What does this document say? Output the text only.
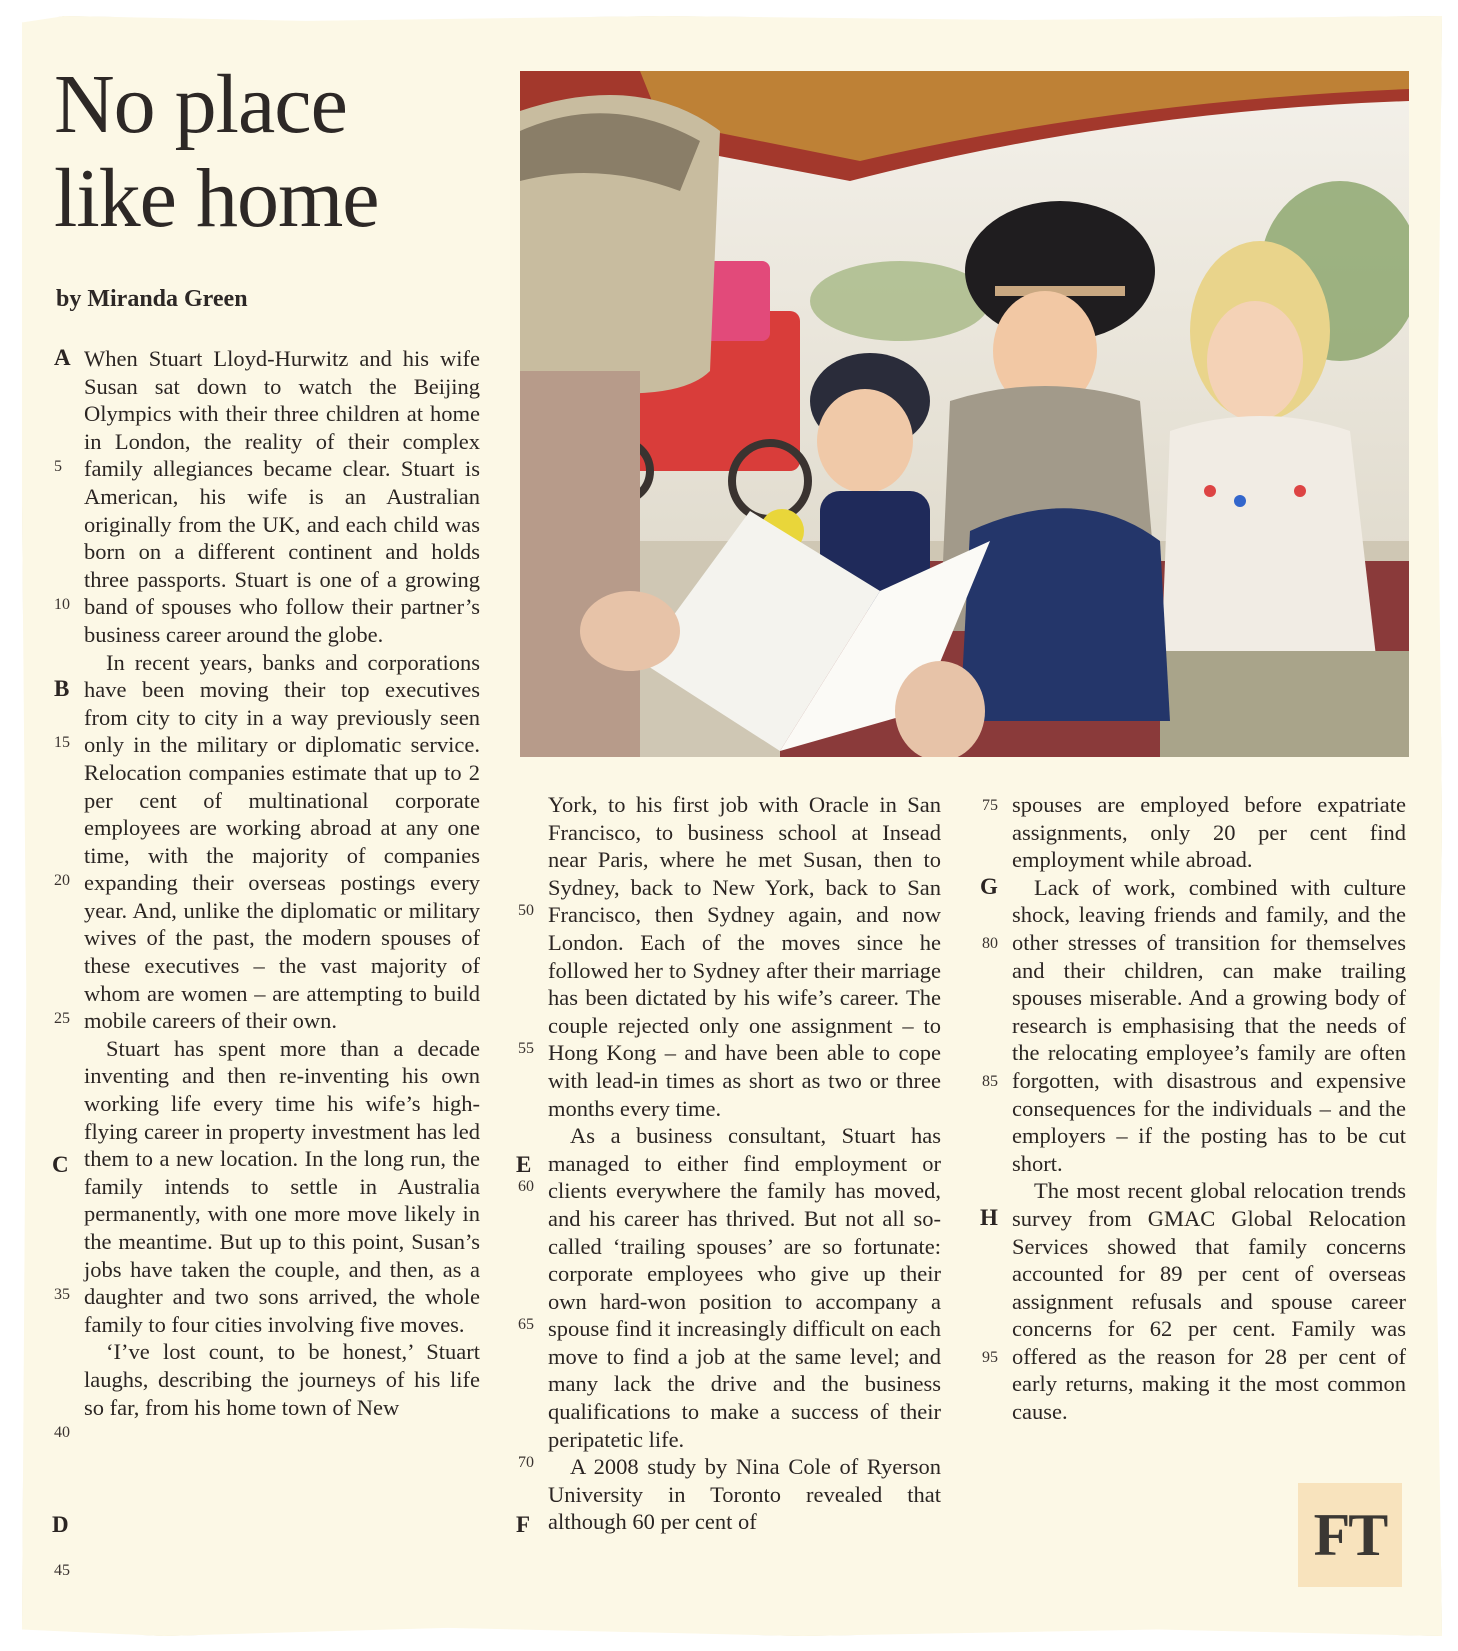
No place
like home
by Miranda Green
A
B
C
D
E
F
G
H
5
10
15
20
25
35
40
45
50
55
60
65
70
75
80
85
95

When Stuart Lloyd-Hurwitz and his wife Susan sat down to watch the Beijing Olympics with their three children at home in London, the reality of their complex family allegiances became clear. Stuart is American, his wife is an Australian originally from the UK, and each child was born on a different continent and holds three passports. Stuart is one of a growing band of spouses who follow their partner’s business career around the globe.

In recent years, banks and corporations have been moving their top executives from city to city in a way previously seen only in the military or diplomatic service. Relocation companies estimate that up to 2 per cent of multinational corporate employees are working abroad at any one time, with the majority of companies expanding their overseas postings every year. And, unlike the diplomatic or military wives of the past, the modern spouses of these executives – the vast majority of whom are women – are attempting to build mobile careers of their own.

Stuart has spent more than a decade inventing and then re-inventing his own working life every time his wife’s high-flying career in property investment has led them to a new location. In the long run, the family intends to settle in Australia permanently, with one more move likely in the meantime. But up to this point, Susan’s jobs have taken the couple, and then, as a daughter and two sons arrived, the whole family to four cities involving five moves.

‘I’ve lost count, to be honest,’ Stuart laughs, describing the journeys of his life so far, from his home town of New

York, to his first job with Oracle in San Francisco, to business school at Insead near Paris, where he met Susan, then to Sydney, back to New York, back to San Francisco, then Sydney again, and now London. Each of the moves since he followed her to Sydney after their marriage has been dictated by his wife’s career. The couple rejected only one assignment – to Hong Kong – and have been able to cope with lead-in times as short as two or three months every time.

As a business consultant, Stuart has managed to either find employment or clients everywhere the family has moved, and his career has thrived. But not all so-called ‘trailing spouses’ are so fortunate: corporate employees who give up their own hard-won position to accompany a spouse find it increasingly difficult on each move to find a job at the same level; and many lack the drive and the business qualifications to make a success of their peripatetic life.

A 2008 study by Nina Cole of Ryerson University in Toronto revealed that although 60 per cent of

spouses are employed before expatriate assignments, only 20 per cent find employment while abroad.

Lack of work, combined with culture shock, leaving friends and family, and the other stresses of transition for themselves and their children, can make trailing spouses miserable. And a growing body of research is emphasising that the needs of the relocating employee’s family are often forgotten, with disastrous and expensive consequences for the individuals – and the employers – if the posting has to be cut short.

The most recent global relocation trends survey from GMAC Global Relocation Services showed that family concerns accounted for 89 per cent of overseas assignment refusals and spouse career concerns for 62 per cent. Family was offered as the reason for 28 per cent of early returns, making it the most common cause.

FT
